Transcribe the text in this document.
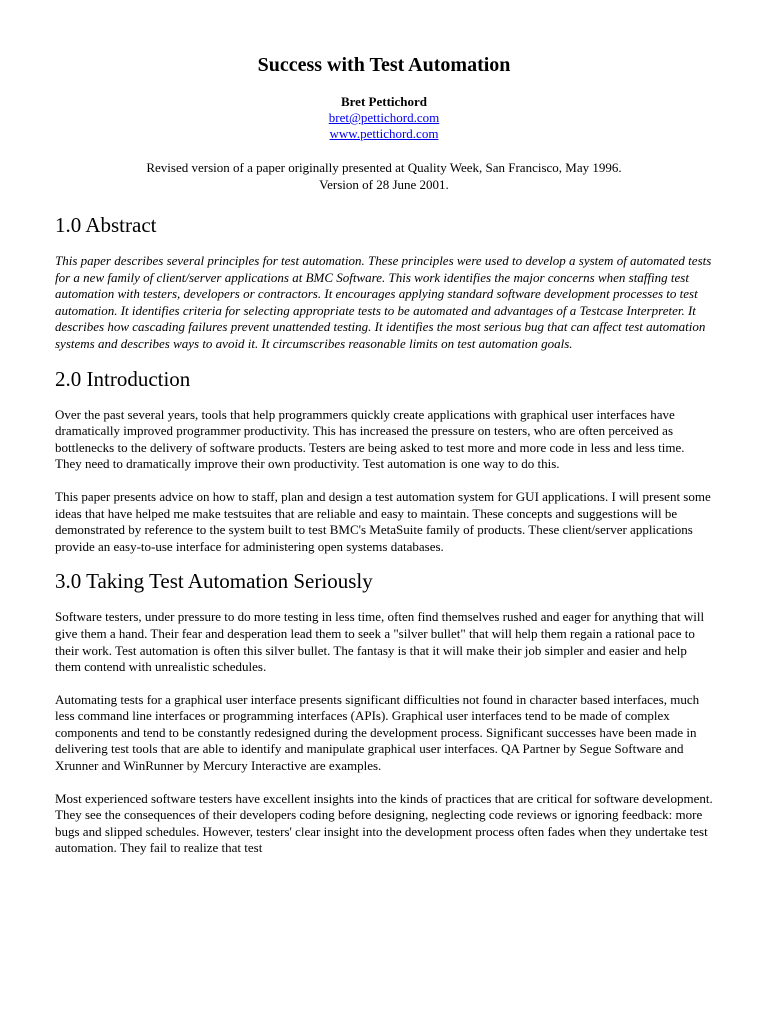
Success with Test Automation
Bret Pettichord
bret@pettichord.com
www.pettichord.com
Revised version of a paper originally presented at Quality Week, San Francisco, May 1996.
Version of 28 June 2001.
1.0 Abstract

This paper describes several principles for test automation. These principles were used to develop a system of automated tests for a new family of client/server applications at BMC Software. This work identifies the major concerns when staffing test automation with testers, developers or contractors. It encourages applying standard software development processes to test automation. It identifies criteria for selecting appropriate tests to be automated and advantages of a Testcase Interpreter. It describes how cascading failures prevent unattended testing. It identifies the most serious bug that can affect test automation systems and describes ways to avoid it. It circumscribes reasonable limits on test automation goals.

2.0 Introduction

Over the past several years, tools that help programmers quickly create applications with graphical user interfaces have dramatically improved programmer productivity. This has increased the pressure on testers, who are often perceived as bottlenecks to the delivery of software products. Testers are being asked to test more and more code in less and less time. They need to dramatically improve their own productivity. Test automation is one way to do this.

This paper presents advice on how to staff, plan and design a test automation system for GUI applications. I will present some ideas that have helped me make testsuites that are reliable and easy to maintain. These concepts and suggestions will be demonstrated by reference to the system built to test BMC's MetaSuite family of products. These client/server applications provide an easy-to-use interface for administering open systems databases.

3.0 Taking Test Automation Seriously

Software testers, under pressure to do more testing in less time, often find themselves rushed and eager for anything that will give them a hand. Their fear and desperation lead them to seek a "silver bullet" that will help them regain a rational pace to their work. Test automation is often this silver bullet. The fantasy is that it will make their job simpler and easier and help them contend with unrealistic schedules.

Automating tests for a graphical user interface presents significant difficulties not found in character based interfaces, much less command line interfaces or programming interfaces (APIs). Graphical user interfaces tend to be made of complex components and tend to be constantly redesigned during the development process. Significant successes have been made in delivering test tools that are able to identify and manipulate graphical user interfaces. QA Partner by Segue Software and Xrunner and WinRunner by Mercury Interactive are examples.

Most experienced software testers have excellent insights into the kinds of practices that are critical for software development. They see the consequences of their developers coding before designing, neglecting code reviews or ignoring feedback: more bugs and slipped schedules. However, testers' clear insight into the development process often fades when they undertake test automation. They fail to realize that test
